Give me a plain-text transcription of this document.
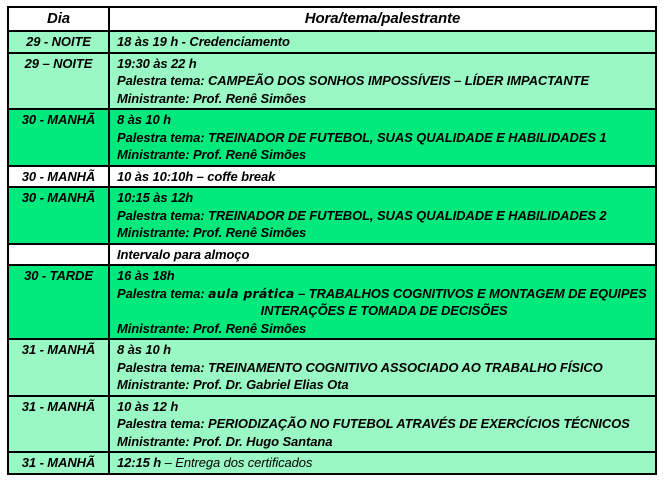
Dia	Hora/tema/palestrante
29 - NOITE	18 às 19 h - Credenciamento

29 – NOITE	19:30 às 22 h
Palestra tema: CAMPEÃO DOS SONHOS IMPOSSÍVEIS – LÍDER IMPACTANTE
Ministrante: Prof. Renê Simões

30 - MANHÃ	8 às 10 h
Palestra tema: TREINADOR DE FUTEBOL, SUAS QUALIDADE E HABILIDADES 1
Ministrante: Prof. Renê Simões

30 - MANHÃ	10 às 10:10h – coffe break

30 - MANHÃ	10:15 às 12h
Palestra tema: TREINADOR DE FUTEBOL, SUAS QUALIDADE E HABILIDADES 2
Ministrante: Prof. Renê Simões

	Intervalo para almoço

30 - TARDE	16 às 18h
Palestra tema: aula prática – TRABALHOS COGNITIVOS E MONTAGEM DE EQUIPES
INTERAÇÕES E TOMADA DE DECISÕES
Ministrante: Prof. Renê Simões

31 - MANHÃ	8 às 10 h
Palestra tema: TREINAMENTO COGNITIVO ASSOCIADO AO TRABALHO FÍSICO
Ministrante: Prof. Dr. Gabriel Elias Ota

31 - MANHÃ	10 às 12 h
Palestra tema: PERIODIZAÇÃO NO FUTEBOL ATRAVÉS DE EXERCÍCIOS TÉCNICOS
Ministrante: Prof. Dr. Hugo Santana

31 - MANHÃ	12:15 h – Entrega dos certificados
